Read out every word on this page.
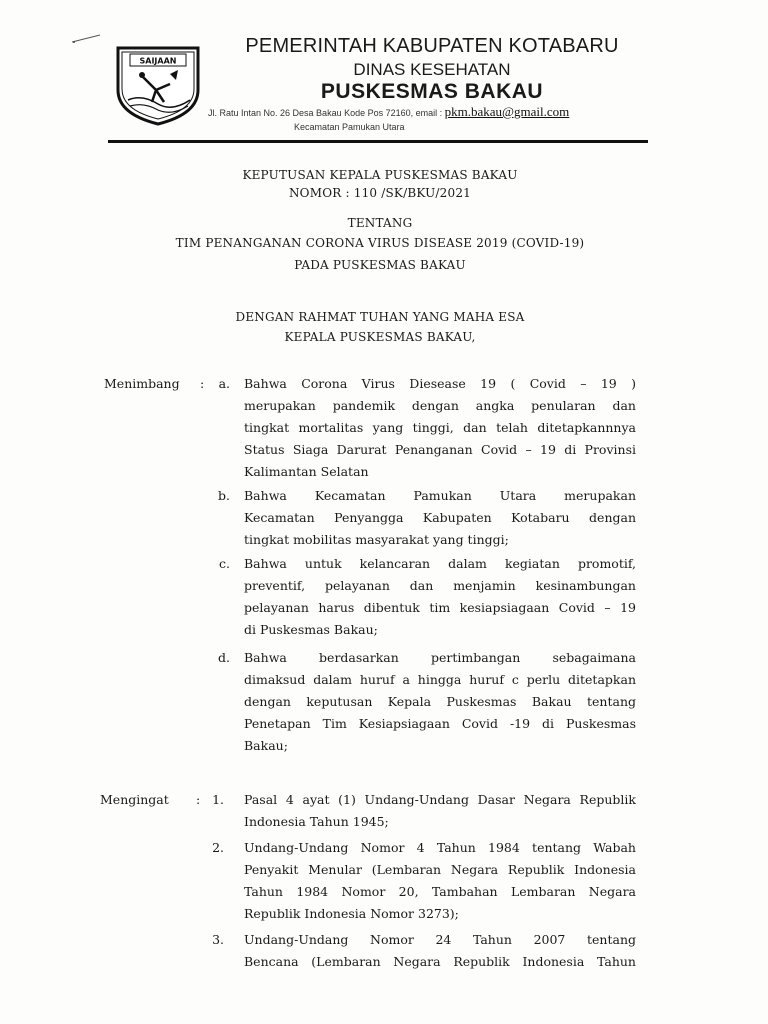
SAIJAAN
PEMERINTAH KABUPATEN KOTABARU
DINAS KESEHATAN
PUSKESMAS BAKAU
Jl. Ratu Intan No. 26 Desa Bakau Kode Pos 72160, email : pkm.bakau@gmail.com
Kecamatan Pamukan Utara
KEPUTUSAN KEPALA PUSKESMAS BAKAU
NOMOR : 110 /SK/BKU/2021
TENTANG
TIM PENANGANAN CORONA VIRUS DISEASE 2019 (COVID-19)
PADA PUSKESMAS BAKAU
DENGAN RAHMAT TUHAN YANG MAHA ESA
KEPALA PUSKESMAS BAKAU,
Menimbang :	a. Bahwa Corona Virus Diesease 19 ( Covid – 19 )
merupakan pandemik dengan angka penularan dan
tingkat mortalitas yang tinggi, dan telah ditetapkannnya
Status Siaga Darurat Penanganan Covid – 19 di Provinsi
Kalimantan Selatan
b. Bahwa Kecamatan Pamukan Utara merupakan
Kecamatan Penyangga Kabupaten Kotabaru dengan
tingkat mobilitas masyarakat yang tinggi;
c. Bahwa untuk kelancaran dalam kegiatan promotif,
preventif, pelayanan dan menjamin kesinambungan
pelayanan harus dibentuk tim kesiapsiagaan Covid – 19
di Puskesmas Bakau;
d. Bahwa berdasarkan pertimbangan sebagaimana
dimaksud dalam huruf a hingga huruf c perlu ditetapkan
dengan keputusan Kepala Puskesmas Bakau tentang
Penetapan Tim Kesiapsiagaan Covid -19 di Puskesmas
Bakau;
Mengingat : 1. Pasal 4 ayat (1) Undang-Undang Dasar Negara Republik
Indonesia Tahun 1945;
2. Undang-Undang Nomor 4 Tahun 1984 tentang Wabah
Penyakit Menular (Lembaran Negara Republik Indonesia
Tahun 1984 Nomor 20, Tambahan Lembaran Negara
Republik Indonesia Nomor 3273);
3. Undang-Undang Nomor 24 Tahun 2007 tentang
Bencana (Lembaran Negara Republik Indonesia Tahun
